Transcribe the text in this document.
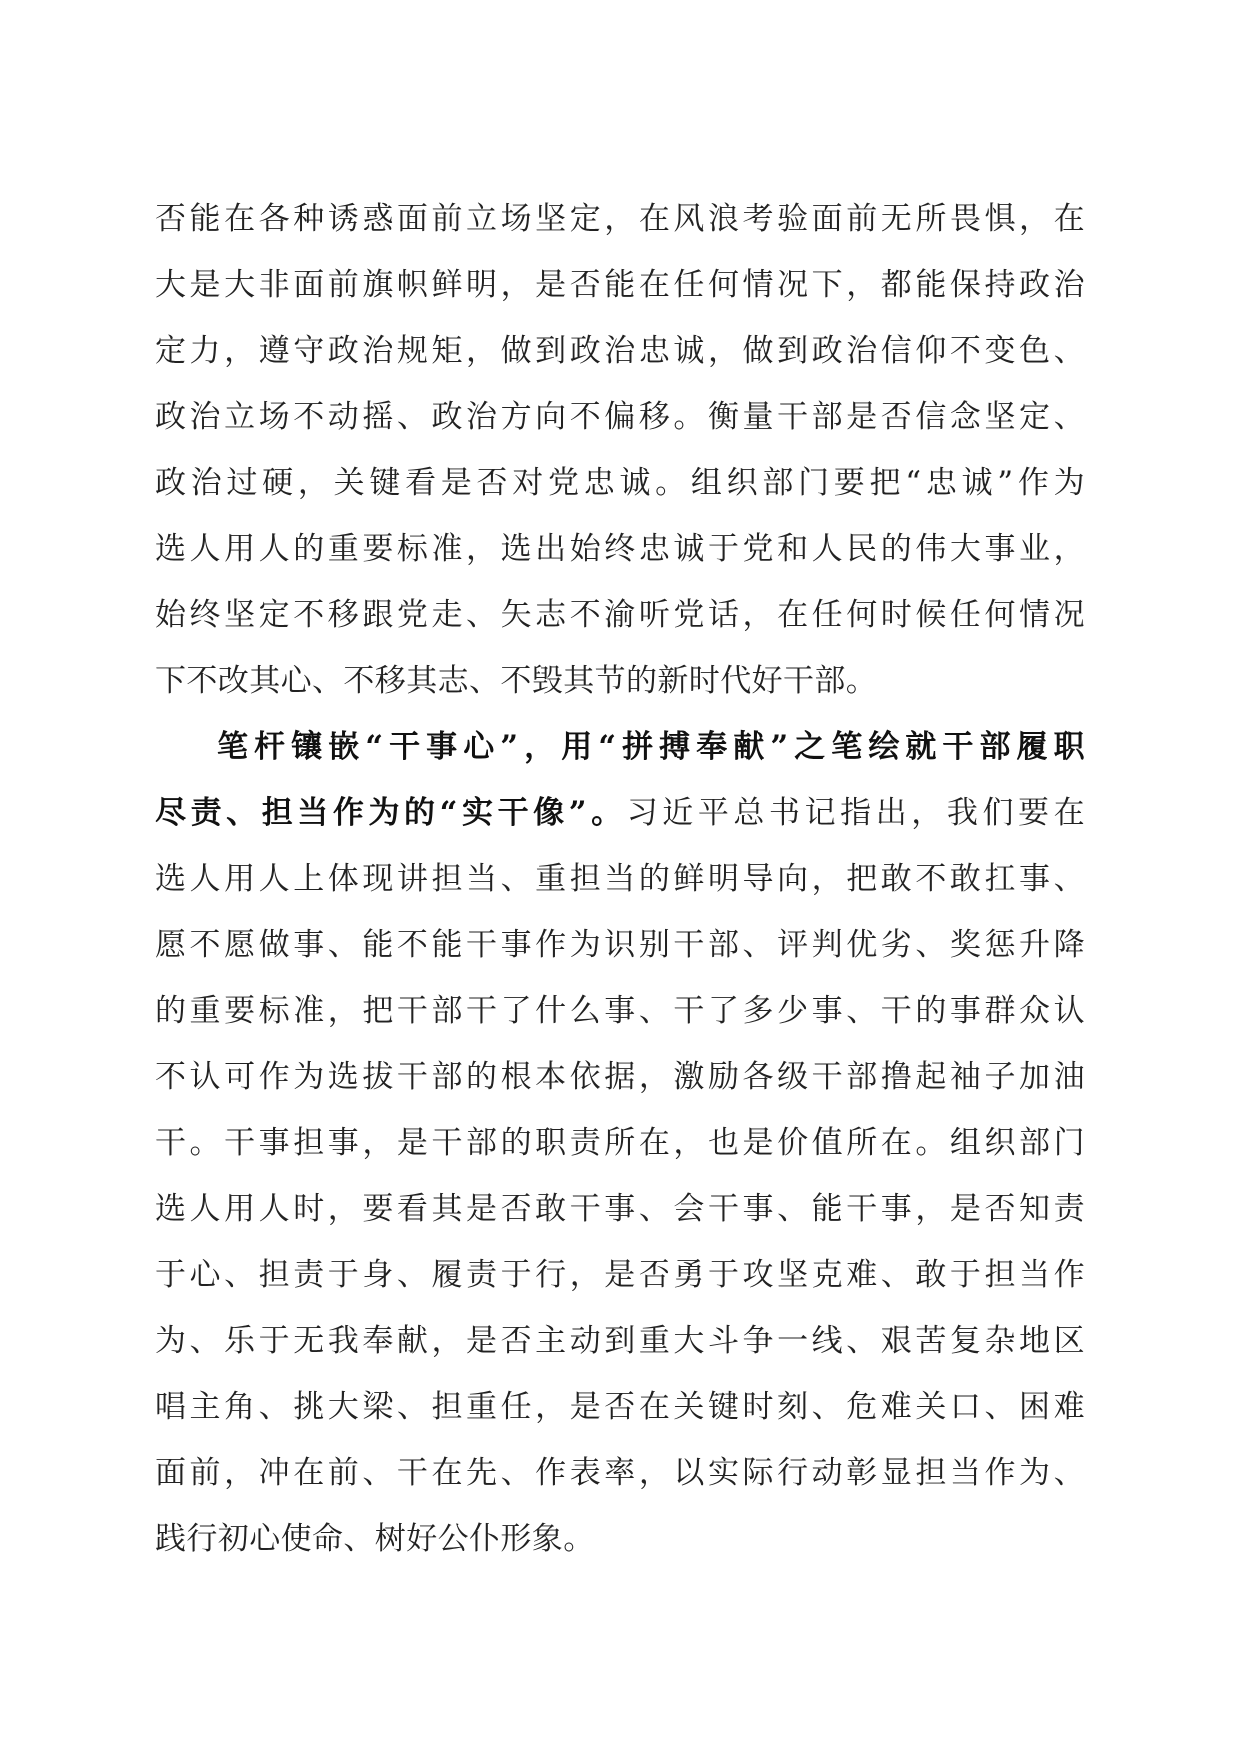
否能在各种诱惑面前立场坚定，在风浪考验面前无所畏惧，在
大是大非面前旗帜鲜明，是否能在任何情况下，都能保持政治
定力，遵守政治规矩，做到政治忠诚，做到政治信仰不变色、
政治立场不动摇、政治方向不偏移。衡量干部是否信念坚定、
政治过硬，关键看是否对党忠诚。组织部门要把“忠诚”作为
选人用人的重要标准，选出始终忠诚于党和人民的伟大事业，
始终坚定不移跟党走、矢志不渝听党话，在任何时候任何情况
下不改其心、不移其志、不毁其节的新时代好干部。
笔杆镶嵌“干事心”，用“拼搏奉献”之笔绘就干部履职
尽责、担当作为的“实干像”。习近平总书记指出，我们要在
选人用人上体现讲担当、重担当的鲜明导向，把敢不敢扛事、
愿不愿做事、能不能干事作为识别干部、评判优劣、奖惩升降
的重要标准，把干部干了什么事、干了多少事、干的事群众认
不认可作为选拔干部的根本依据，激励各级干部撸起袖子加油
干。干事担事，是干部的职责所在，也是价值所在。组织部门
选人用人时，要看其是否敢干事、会干事、能干事，是否知责
于心、担责于身、履责于行，是否勇于攻坚克难、敢于担当作
为、乐于无我奉献，是否主动到重大斗争一线、艰苦复杂地区
唱主角、挑大梁、担重任，是否在关键时刻、危难关口、困难
面前，冲在前、干在先、作表率，以实际行动彰显担当作为、
践行初心使命、树好公仆形象。
